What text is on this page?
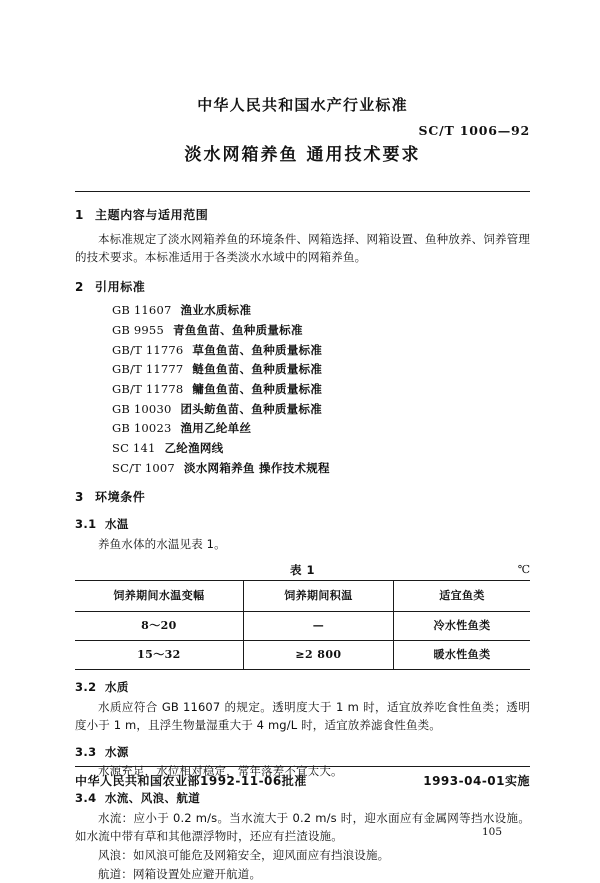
中华人民共和国水产行业标准
SC/T 1006—92
淡水网箱养鱼 通用技术要求
1 主题内容与适用范围

本标准规定了淡水网箱养鱼的环境条件、网箱选择、网箱设置、鱼种放养、饲养管理的技术要求。本标准适用于各类淡水水域中的网箱养鱼。

2 引用标准
GB 11607 渔业水质标准
GB 9955 青鱼鱼苗、鱼种质量标准
GB/T 11776 草鱼鱼苗、鱼种质量标准
GB/T 11777 鲢鱼鱼苗、鱼种质量标准
GB/T 11778 鳙鱼鱼苗、鱼种质量标准
GB 10030 团头鲂鱼苗、鱼种质量标准
GB 10023 渔用乙纶单丝
SC 141 乙纶渔网线
SC/T 1007 淡水网箱养鱼 操作技术规程
3 环境条件
3.1 水温

养鱼水体的水温见表 1。

表 1	℃
饲养期间水温变幅	饲养期间积温	适宜鱼类
8～20	—	冷水性鱼类
15～32	≥2 800	暖水性鱼类
3.2 水质

水质应符合 GB 11607 的规定。透明度大于 1 m 时，适宜放养吃食性鱼类；透明度小于 1 m，且浮生物量湿重大于 4 mg/L 时，适宜放养滤食性鱼类。

3.3 水源

水源充足，水位相对稳定，常年落差不宜太大。

3.4 水流、风浪、航道

水流：应小于 0.2 m/s。当水流大于 0.2 m/s 时，迎水面应有金属网等挡水设施。如水流中带有草和其他漂浮物时，还应有拦渣设施。

风浪：如风浪可能危及网箱安全，迎风面应有挡浪设施。

航道：网箱设置处应避开航道。

中华人民共和国农业部1992-11-06批准	1993-04-01实施
105
